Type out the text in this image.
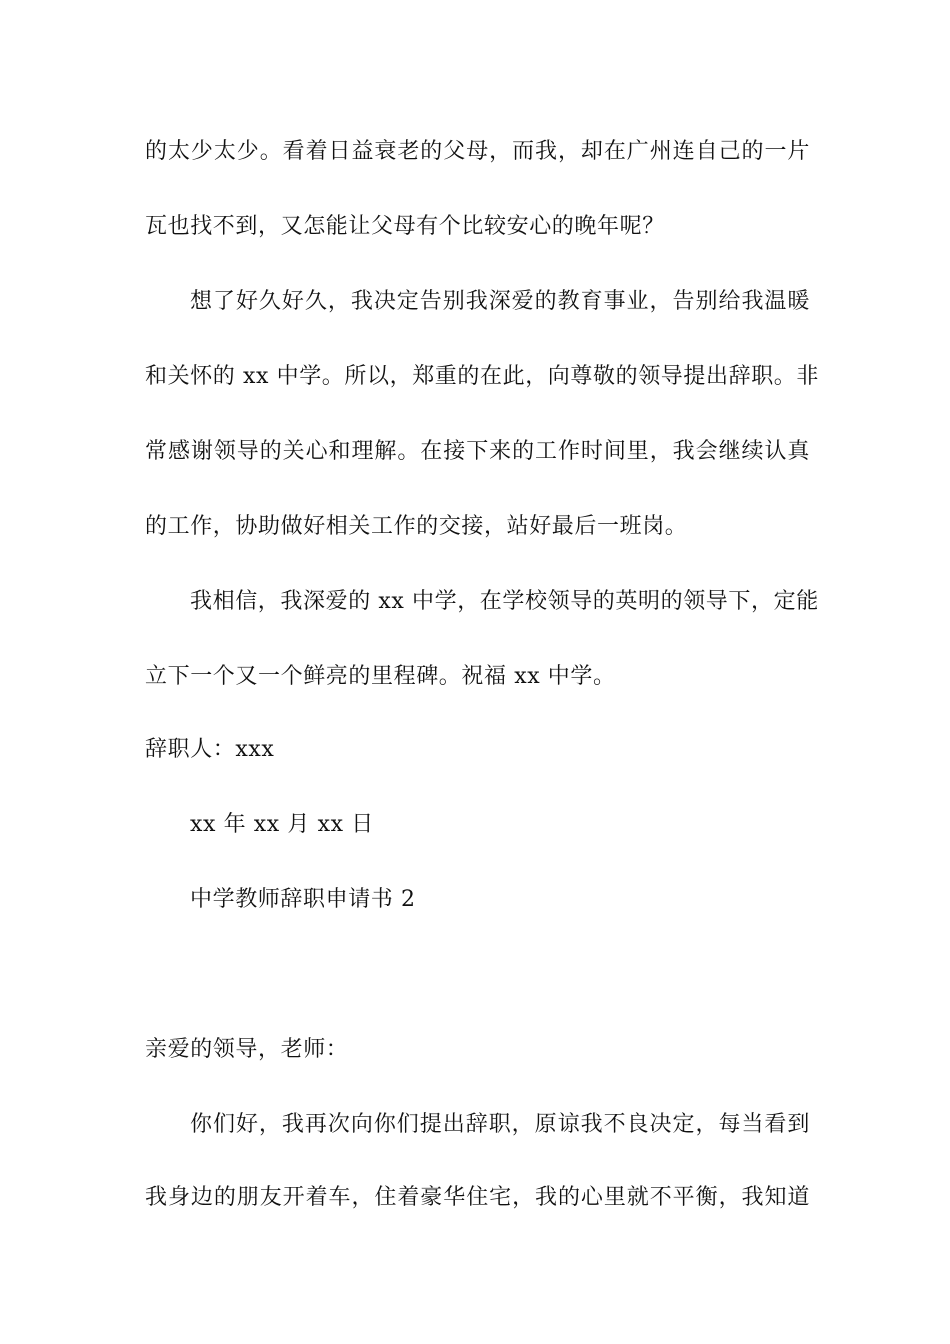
的太少太少。看着日益衰老的父母，而我，却在广州连自己的一片
瓦也找不到，又怎能让父母有个比较安心的晚年呢？
想了好久好久，我决定告别我深爱的教育事业，告别给我温暖
和关怀的 xx 中学。所以，郑重的在此，向尊敬的领导提出辞职。非
常感谢领导的关心和理解。在接下来的工作时间里，我会继续认真
的工作，协助做好相关工作的交接，站好最后一班岗。
我相信，我深爱的 xx 中学，在学校领导的英明的领导下，定能
立下一个又一个鲜亮的里程碑。祝福 xx 中学。
辞职人：xxx
xx 年 xx 月 xx 日
中学教师辞职申请书 2
亲爱的领导，老师：
你们好，我再次向你们提出辞职，原谅我不良决定，每当看到
我身边的朋友开着车，住着豪华住宅，我的心里就不平衡，我知道
